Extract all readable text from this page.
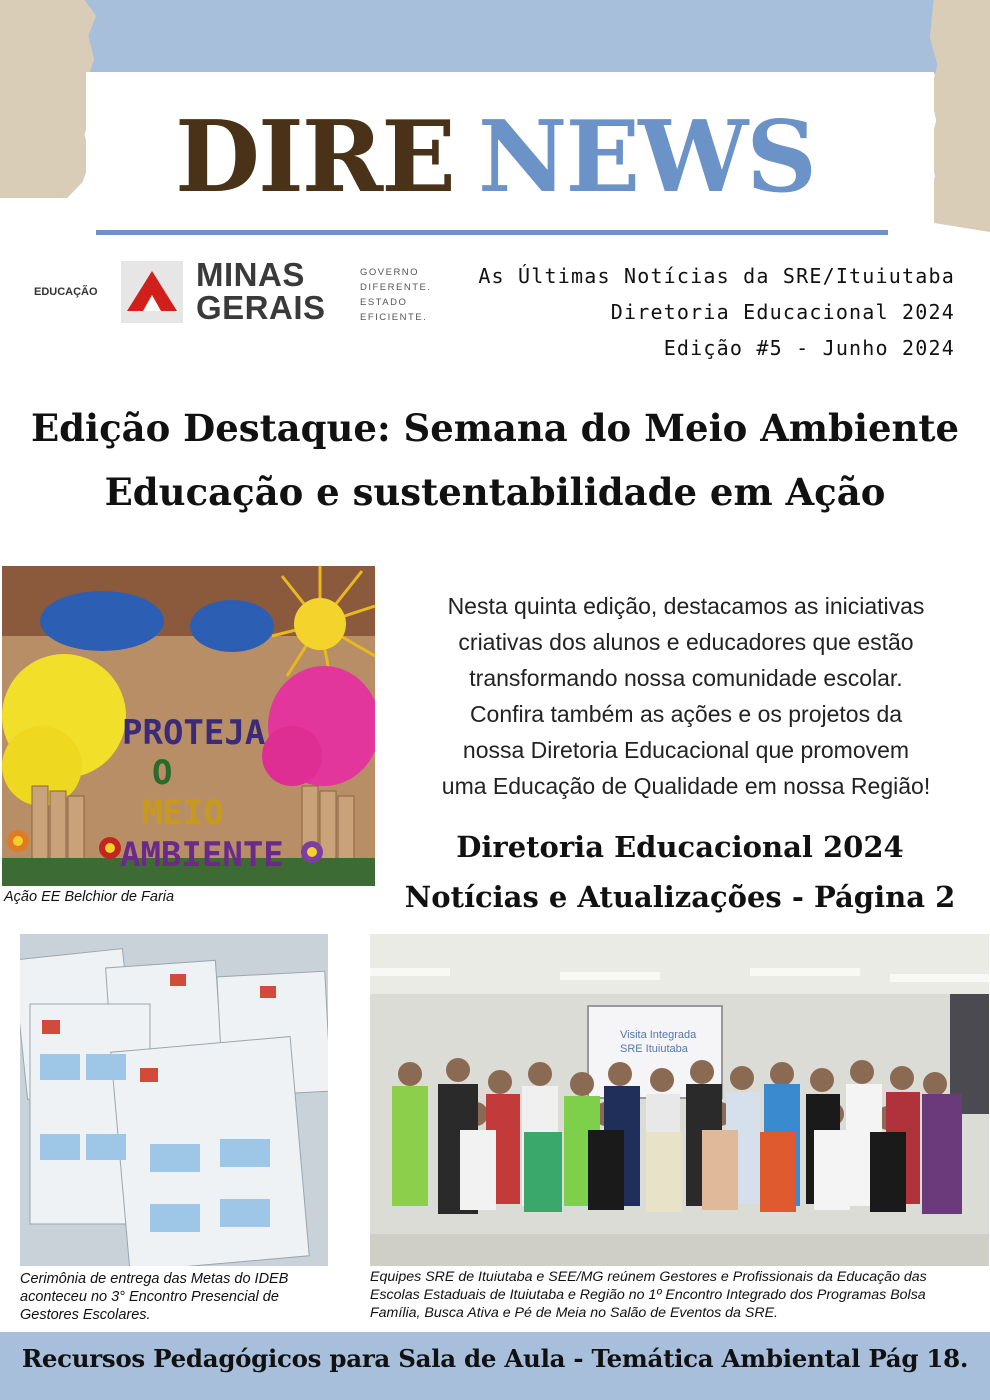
DIRE NEWS
EDUCAÇÃO	MINAS
GERAIS
GOVERNO
DIFERENTE.
ESTADO
EFICIENTE.
As Últimas Notícias da SRE/Ituiutaba
Diretoria Educacional 2024
Edição #5 - Junho 2024
Edição Destaque: Semana do Meio Ambiente
Educação e sustentabilidade em Ação
PROTEJA
O
MEIO
AMBIENTE
Ação EE Belchior de Faria
Nesta quinta edição, destacamos as iniciativas
criativas dos alunos e educadores que estão
transformando nossa comunidade escolar.
Confira também as ações e os projetos da
nossa Diretoria Educacional que promovem
uma Educação de Qualidade em nossa Região!
Diretoria Educacional 2024
Notícias e Atualizações - Página 2
Cerimônia de entrega das Metas do IDEB aconteceu no 3° Encontro Presencial de Gestores Escolares.
Visita Integrada
SRE Ituiutaba
Equipes SRE de Ituiutaba e SEE/MG reúnem Gestores e Profissionais da Educação das Escolas Estaduais de Ituiutaba e Região no 1º Encontro Integrado dos Programas Bolsa Família, Busca Ativa e Pé de Meia no Salão de Eventos da SRE.
Recursos Pedagógicos para Sala de Aula - Temática Ambiental Pág 18.
